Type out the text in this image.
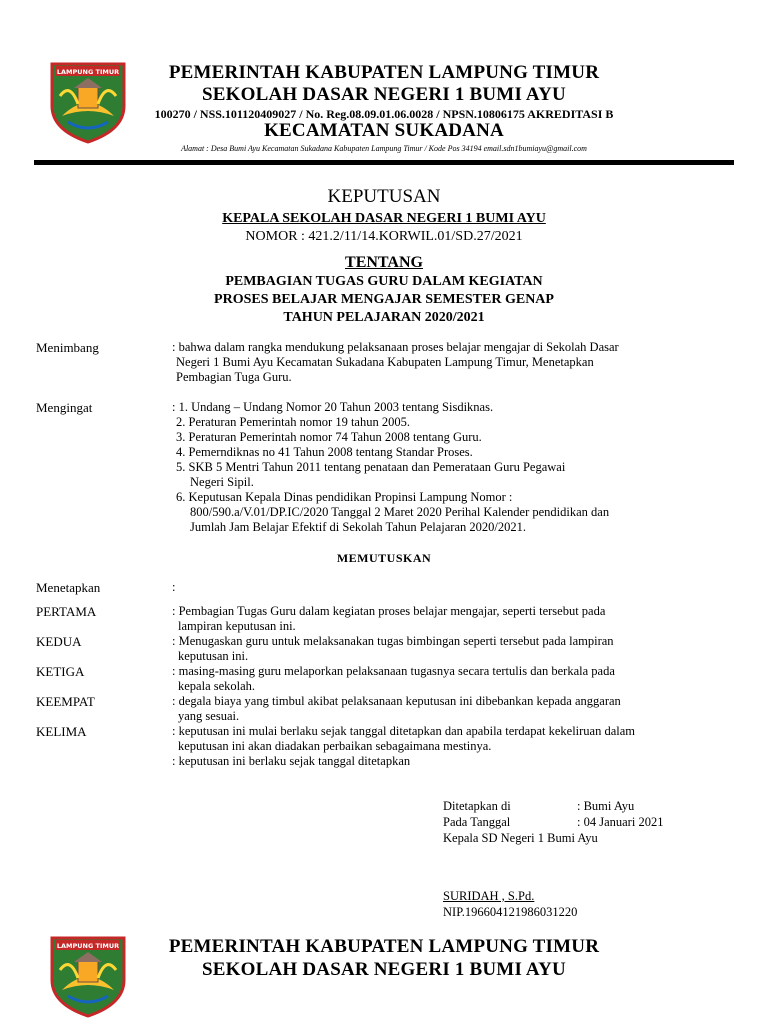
LAMPUNG TIMUR	PEMERINTAH KABUPATEN LAMPUNG TIMUR
SEKOLAH DASAR NEGERI 1 BUMI AYU
100270 / NSS.101120409027 / No. Reg.08.09.01.06.0028 / NPSN.10806175 AKREDITASI B
KECAMATAN SUKADANA
Alamat : Desa Bumi Ayu Kecamatan Sukadana Kabupaten Lampung Timur / Kode Pos 34194 email.sdn1bumiayu@gmail.com
KEPUTUSAN
KEPALA SEKOLAH DASAR NEGERI 1 BUMI AYU
NOMOR : 421.2/11/14.KORWIL.01/SD.27/2021
TENTANG
PEMBAGIAN TUGAS GURU DALAM KEGIATAN
PROSES BELAJAR MENGAJAR SEMESTER GENAP
TAHUN PELAJARAN 2020/2021
Menimbang	: bahwa dalam rangka mendukung pelaksanaan proses belajar mengajar di Sekolah Dasar
Negeri 1 Bumi Ayu Kecamatan Sukadana Kabupaten Lampung Timur, Menetapkan
Pembagian Tuga Guru.
Mengingat	: 1. Undang – Undang Nomor 20 Tahun 2003 tentang Sisdiknas.
2. Peraturan Pemerintah nomor 19 tahun 2005.
3. Peraturan Pemerintah nomor 74 Tahun 2008 tentang Guru.
4. Pemerndiknas no 41 Tahun 2008 tentang Standar Proses.
5. SKB 5 Mentri Tahun 2011 tentang penataan dan Pemerataan Guru Pegawai
Negeri Sipil.
6. Keputusan Kepala Dinas pendidikan Propinsi Lampung Nomor :
800/590.a/V.01/DP.IC/2020 Tanggal 2 Maret 2020 Perihal Kalender pendidikan dan
Jumlah Jam Belajar Efektif di Sekolah Tahun Pelajaran 2020/2021.
MEMUTUSKAN
Menetapkan	:
PERTAMA	: Pembagian Tugas Guru dalam kegiatan proses belajar mengajar, seperti tersebut pada
lampiran keputusan ini.
KEDUA	: Menugaskan guru untuk melaksanakan tugas bimbingan seperti tersebut pada lampiran
keputusan ini.
KETIGA	: masing-masing guru melaporkan pelaksanaan tugasnya secara tertulis dan berkala pada
kepala sekolah.
KEEMPAT	: degala biaya yang timbul akibat pelaksanaan keputusan ini dibebankan kepada anggaran
yang sesuai.
KELIMA	: keputusan ini mulai berlaku sejak tanggal ditetapkan dan apabila terdapat kekeliruan dalam
keputusan ini akan diadakan perbaikan sebagaimana mestinya.
: keputusan ini berlaku sejak tanggal ditetapkan
Ditetapkan di	: Bumi Ayu
Pada Tanggal	: 04 Januari 2021
Kepala SD Negeri 1 Bumi Ayu
SURIDAH , S.Pd.
NIP.196604121986031220
LAMPUNG TIMUR	PEMERINTAH KABUPATEN LAMPUNG TIMUR
SEKOLAH DASAR NEGERI 1 BUMI AYU
